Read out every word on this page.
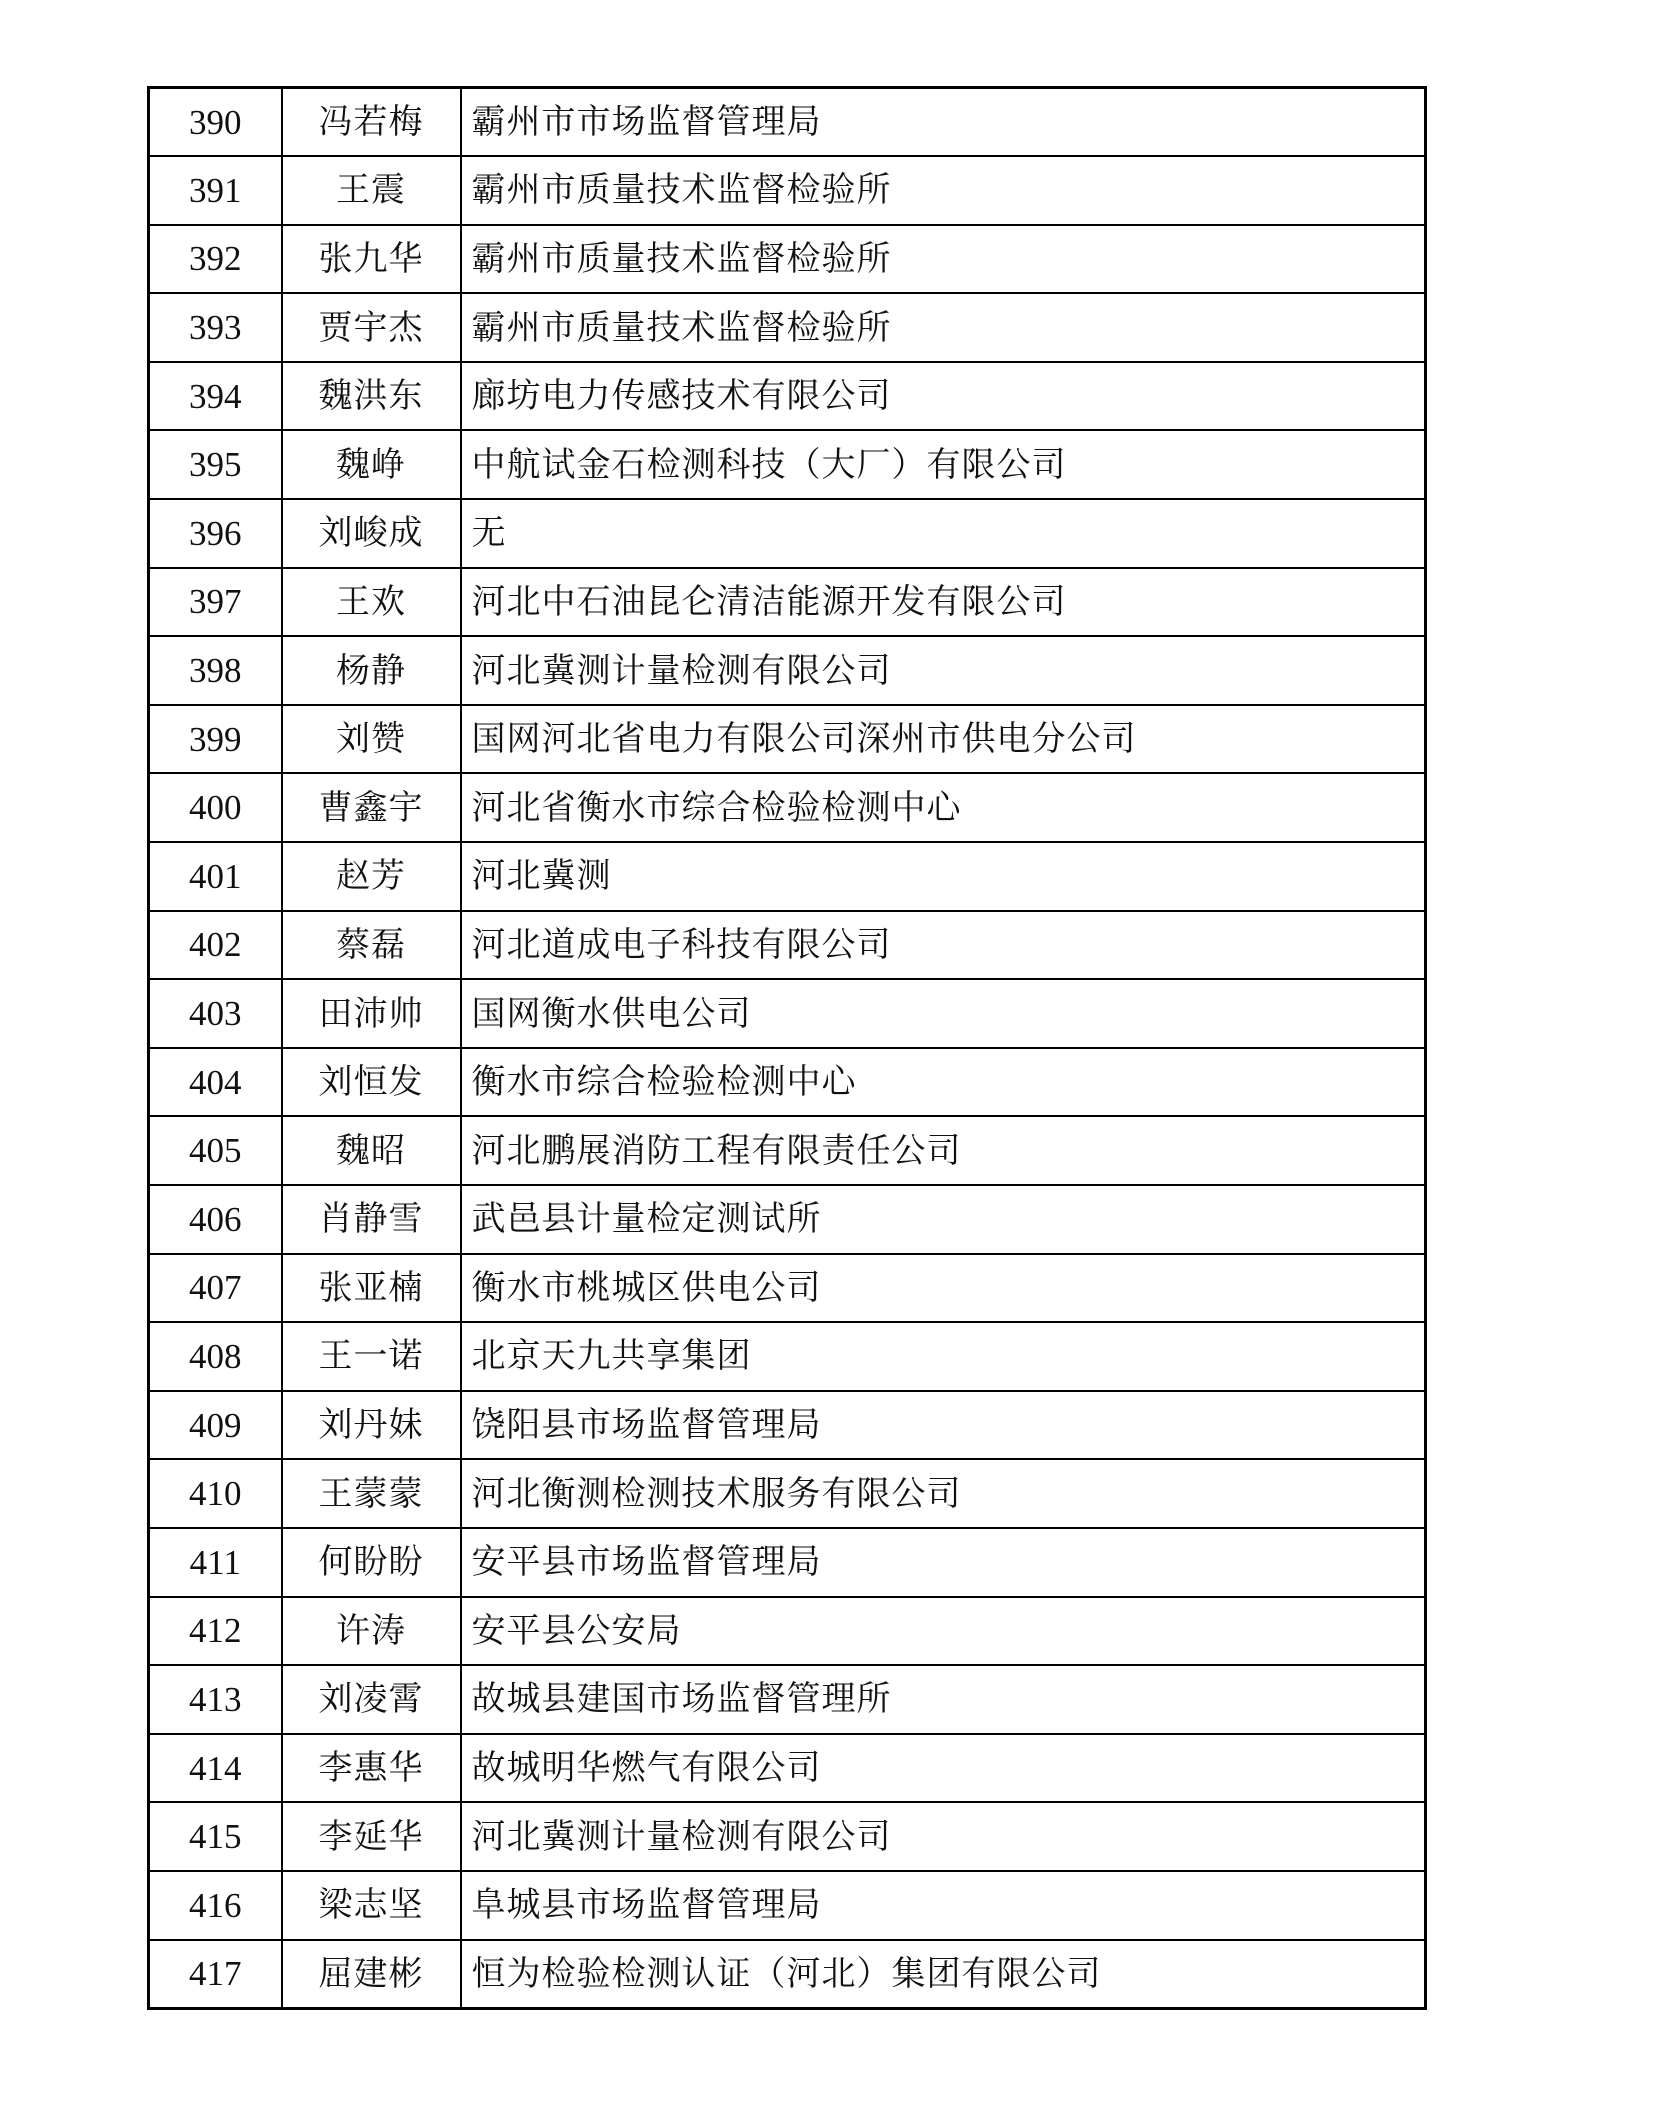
390	冯若梅	霸州市市场监督管理局
391	王震	霸州市质量技术监督检验所
392	张九华	霸州市质量技术监督检验所
393	贾宇杰	霸州市质量技术监督检验所
394	魏洪东	廊坊电力传感技术有限公司
395	魏峥	中航试金石检测科技（大厂）有限公司
396	刘峻成	无
397	王欢	河北中石油昆仑清洁能源开发有限公司
398	杨静	河北冀测计量检测有限公司
399	刘赞	国网河北省电力有限公司深州市供电分公司
400	曹鑫宇	河北省衡水市综合检验检测中心
401	赵芳	河北冀测
402	蔡磊	河北道成电子科技有限公司
403	田沛帅	国网衡水供电公司
404	刘恒发	衡水市综合检验检测中心
405	魏昭	河北鹏展消防工程有限责任公司
406	肖静雪	武邑县计量检定测试所
407	张亚楠	衡水市桃城区供电公司
408	王一诺	北京天九共享集团
409	刘丹妹	饶阳县市场监督管理局
410	王蒙蒙	河北衡测检测技术服务有限公司
411	何盼盼	安平县市场监督管理局
412	许涛	安平县公安局
413	刘凌霄	故城县建国市场监督管理所
414	李惠华	故城明华燃气有限公司
415	李延华	河北冀测计量检测有限公司
416	梁志坚	阜城县市场监督管理局
417	屈建彬	恒为检验检测认证（河北）集团有限公司
